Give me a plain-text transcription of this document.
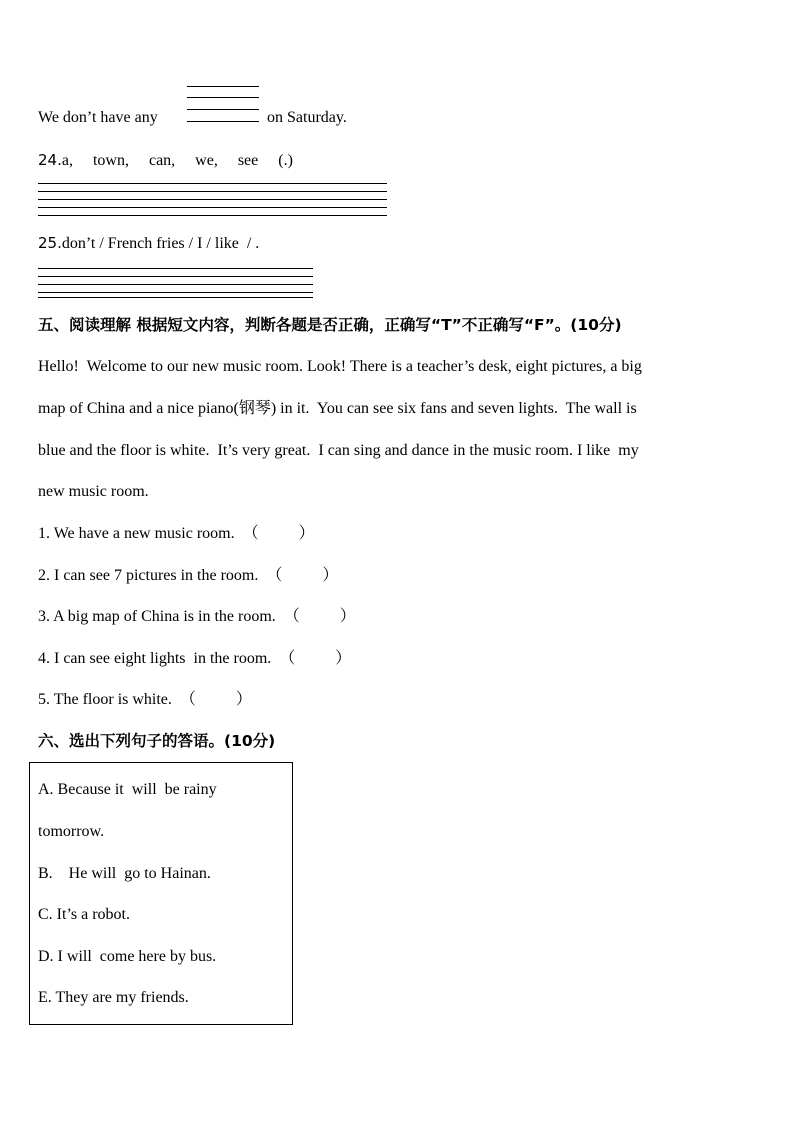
We don’t have any	on Saturday.
24.a,     town,     can,     we,     see     (.)
25.don’t / French fries / I / like  / .
五、阅读理解 根据短文内容，判断各题是否正确，正确写“T”不正确写“F”。(10分)
Hello!  Welcome to our new music room. Look! There is a teacher’s desk, eight pictures, a big
map of China and a nice piano(钢琴) in it.  You can see six fans and seven lights.  The wall is
blue and the floor is white.  It’s very great.  I can sing and dance in the music room. I like  my
new music room.
1. We have a new music room. （          ）
2. I can see 7 pictures in the room. （          ）
3. A big map of China is in the room. （          ）
4. I can see eight lights  in the room. （          ）
5. The floor is white. （          ）
六、选出下列句子的答语。(10分)
A. Because it  will  be rainy
tomorrow.
B.    He will  go to Hainan.
C. It’s a robot.
D. I will  come here by bus.
E. They are my friends.
